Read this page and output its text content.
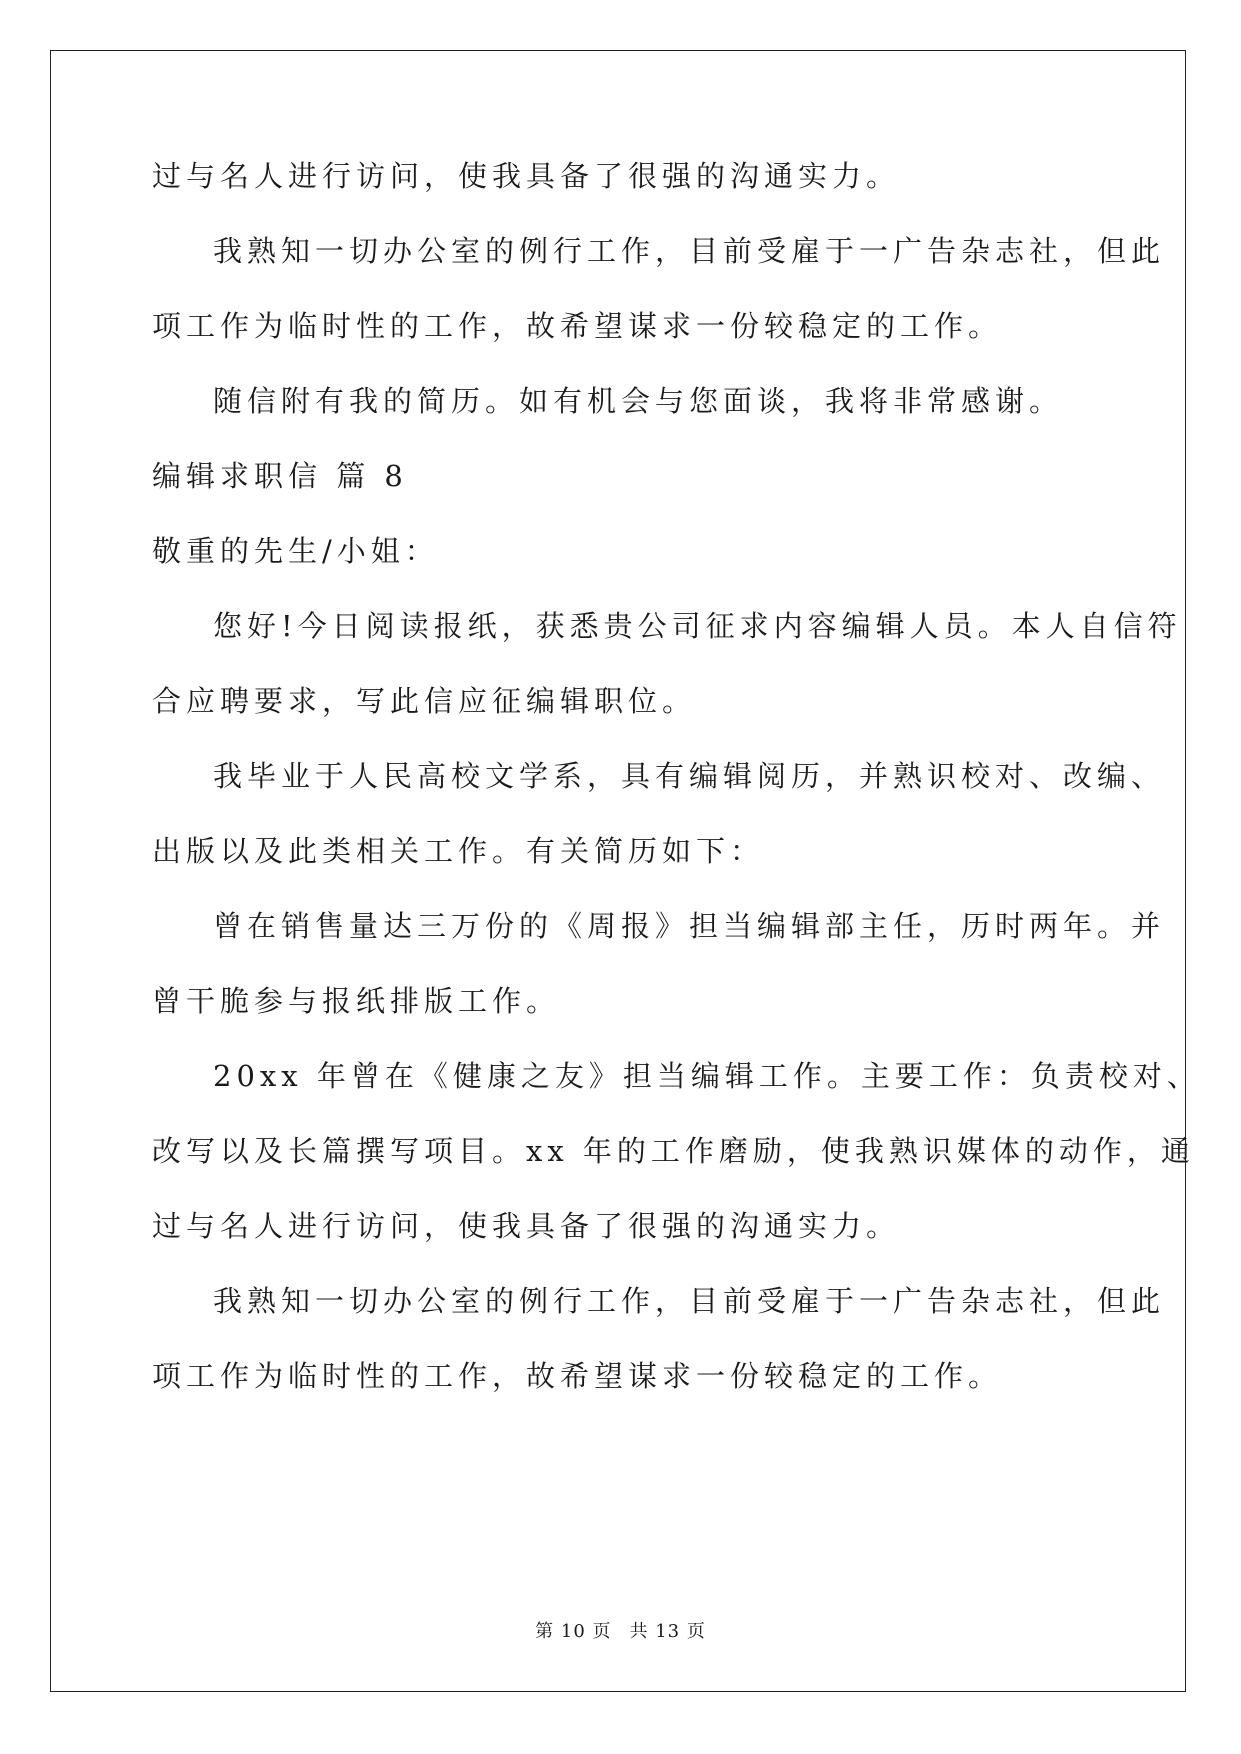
过与名人进行访问，使我具备了很强的沟通实力。
我熟知一切办公室的例行工作，目前受雇于一广告杂志社，但此
项工作为临时性的工作，故希望谋求一份较稳定的工作。
随信附有我的简历。如有机会与您面谈，我将非常感谢。
编辑求职信 篇 8
敬重的先生/小姐：
您好!今日阅读报纸，获悉贵公司征求内容编辑人员。本人自信符
合应聘要求，写此信应征编辑职位。
我毕业于人民高校文学系，具有编辑阅历，并熟识校对、改编、
出版以及此类相关工作。有关简历如下：
曾在销售量达三万份的《周报》担当编辑部主任，历时两年。并
曾干脆参与报纸排版工作。
20xx 年曾在《健康之友》担当编辑工作。主要工作：负责校对、
改写以及长篇撰写项目。xx 年的工作磨励，使我熟识媒体的动作，通
过与名人进行访问，使我具备了很强的沟通实力。
我熟知一切办公室的例行工作，目前受雇于一广告杂志社，但此
项工作为临时性的工作，故希望谋求一份较稳定的工作。
第 10 页 共 13 页
